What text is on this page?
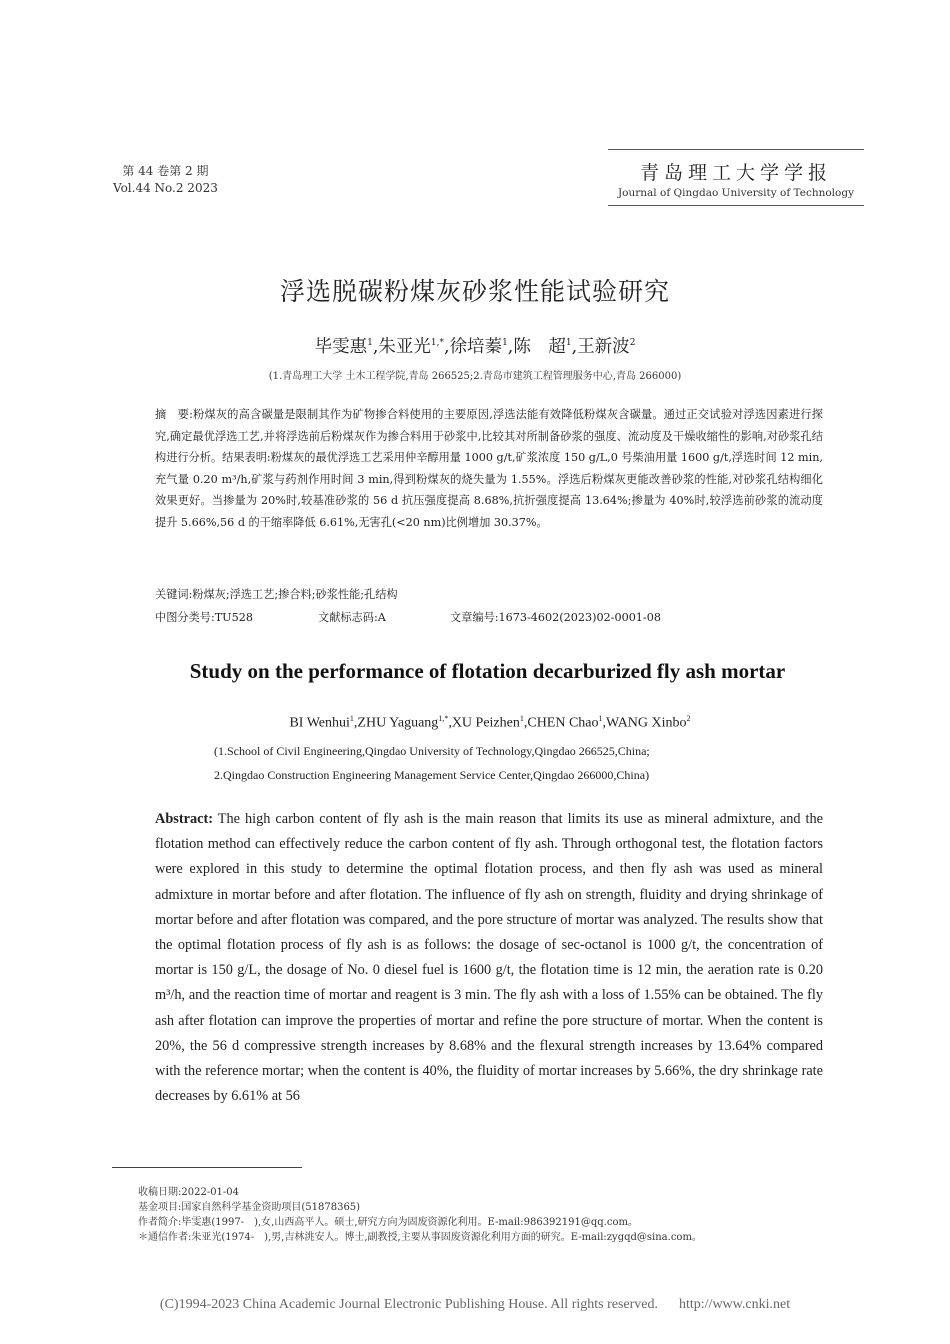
第 44 卷第 2 期
Vol.44 No.2 2023
青岛理工大学学报
Journal of Qingdao University of Technology
浮选脱碳粉煤灰砂浆性能试验研究
毕雯惠$^1$,朱亚光$^{1,*}$,徐培蓁$^1$,陈　超$^1$,王新波$^2$
(1.青岛理工大学 土木工程学院,青岛 266525;2.青岛市建筑工程管理服务中心,青岛 266000)
摘　要:粉煤灰的高含碳量是限制其作为矿物掺合料使用的主要原因,浮选法能有效降低粉煤灰含碳量。通过正交试验对浮选因素进行探究,确定最优浮选工艺,并将浮选前后粉煤灰作为掺合料用于砂浆中,比较其对所制备砂浆的强度、流动度及干燥收缩性的影响,对砂浆孔结构进行分析。结果表明:粉煤灰的最优浮选工艺采用仲辛醇用量 1000 g/t,矿浆浓度 150 g/L,0 号柴油用量 1600 g/t,浮选时间 12 min,充气量 0.20 m³/h,矿浆与药剂作用时间 3 min,得到粉煤灰的烧失量为 1.55%。浮选后粉煤灰更能改善砂浆的性能,对砂浆孔结构细化效果更好。当掺量为 20%时,较基准砂浆的 56 d 抗压强度提高 8.68%,抗折强度提高 13.64%;掺量为 40%时,较浮选前砂浆的流动度提升 5.66%,56 d 的干缩率降低 6.61%,无害孔(<20 nm)比例增加 30.37%。
关键词:粉煤灰;浮选工艺;掺合料;砂浆性能;孔结构
中图分类号:TU528	文献标志码:A	文章编号:1673-4602(2023)02-0001-08
Study on the performance of flotation decarburized fly ash mortar
BI Wenhui$^1$,ZHU Yaguang$^{1,*}$,XU Peizhen$^1$,CHEN Chao$^1$,WANG Xinbo$^2$
(1.School of Civil Engineering,Qingdao University of Technology,Qingdao 266525,China;
2.Qingdao Construction Engineering Management Service Center,Qingdao 266000,China)
Abstract: The high carbon content of fly ash is the main reason that limits its use as mineral admixture, and the flotation method can effectively reduce the carbon content of fly ash. Through orthogonal test, the flotation factors were explored in this study to determine the optimal flotation process, and then fly ash was used as mineral admixture in mortar before and after flotation. The influence of fly ash on strength, fluidity and drying shrinkage of mortar before and after flotation was compared, and the pore structure of mortar was analyzed. The results show that the optimal flotation process of fly ash is as follows: the dosage of sec-octanol is 1000 g/t, the concentration of mortar is 150 g/L, the dosage of No. 0 diesel fuel is 1600 g/t, the flotation time is 12 min, the aeration rate is 0.20 m³/h, and the reaction time of mortar and reagent is 3 min. The fly ash with a loss of 1.55% can be obtained. The fly ash after flotation can improve the properties of mortar and refine the pore structure of mortar. When the content is 20%, the 56 d compressive strength increases by 8.68% and the flexural strength increases by 13.64% compared with the reference mortar; when the content is 40%, the fluidity of mortar increases by 5.66%, the dry shrinkage rate decreases by 6.61% at 56
收稿日期:2022-01-04
基金项目:国家自然科学基金资助项目(51878365)
作者简介:毕雯惠(1997-　),女,山西高平人。硕士,研究方向为固废资源化利用。E-mail:986392191@qq.com。
＊通信作者:朱亚光(1974-　),男,吉林洮安人。博士,副教授,主要从事固废资源化利用方面的研究。E-mail:zygqd@sina.com。
(C)1994-2023 China Academic Journal Electronic Publishing House. All rights reserved. http://www.cnki.net
